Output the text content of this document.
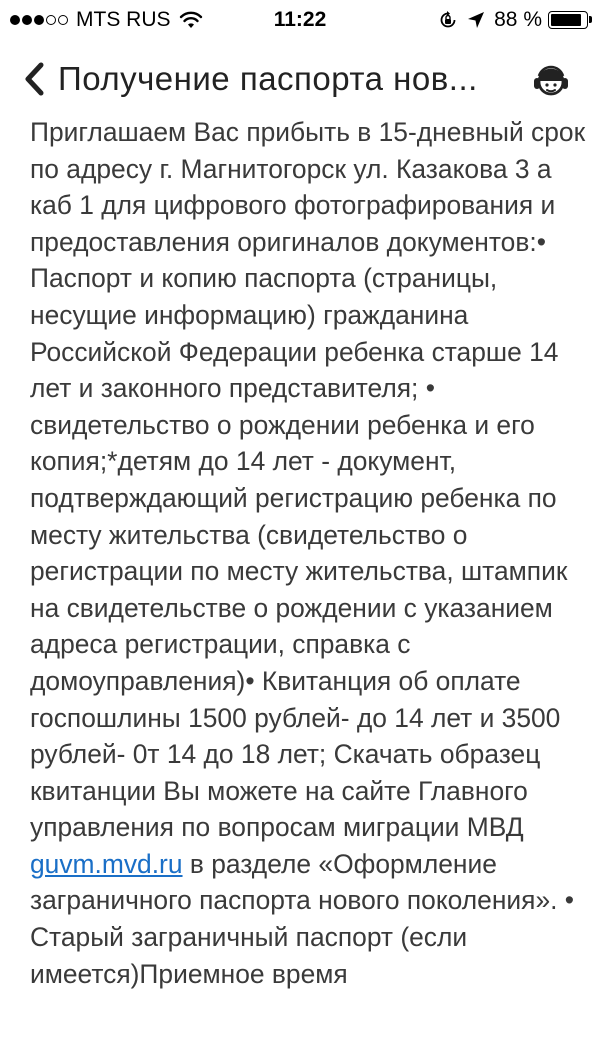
MTS RUS	11:22	88 %
Получение паспорта нов...
Приглашаем Вас прибыть в 15-дневный срок по адресу г. Магнитогорск ул. Казакова 3 а каб 1 для цифрового фотографирования и предоставления оригиналов документов:• Паспорт и копию паспорта (страницы, несущие информацию) гражданина Российской Федерации ребенка старше 14 лет и законного представителя; • свидетельство о рождении ребенка и его копия;*детям до 14 лет - документ, подтверждающий регистрацию ребенка по месту жительства (свидетельство о регистрации по месту жительства, штампик на свидетельстве о рождении с указанием адреса регистрации, справка с домоуправления)• Квитанция об оплате госпошлины 1500 рублей- до 14 лет и 3500 рублей- 0т 14 до 18 лет; Скачать образец квитанции Вы можете на сайте Главного управления по вопросам миграции МВД guvm.mvd.ru в разделе «Оформление заграничного паспорта нового поколения». • Старый заграничный паспорт (если имеется)Приемное время
